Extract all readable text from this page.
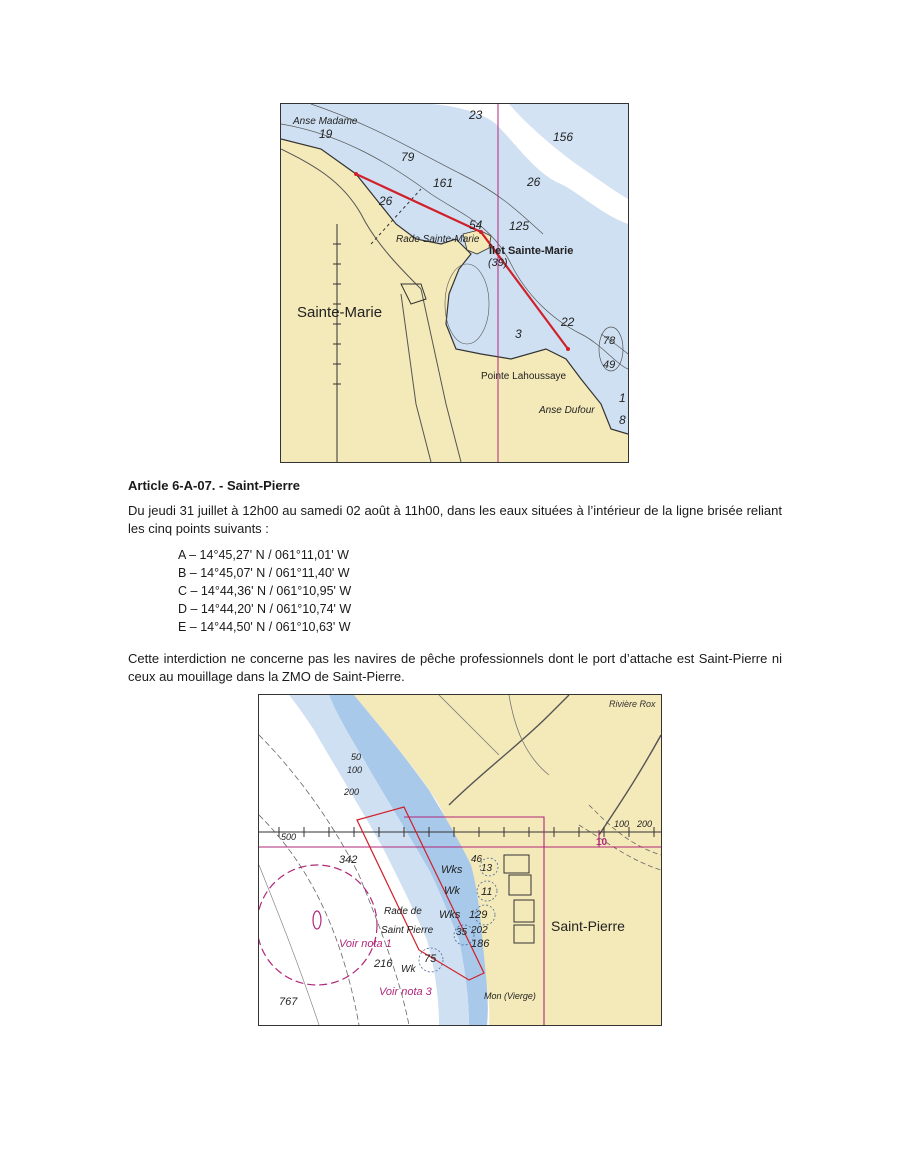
23
Anse Madame
19
79
156
26
161
26
54 125
Rade Sainte-Marie
(39)
3
22
78
49
Anse Dufour
1
8
Îlet Sainte-Marie
Sainte-Marie
Pointe Lahoussaye
Article 6-A-07. - Saint-Pierre
Du jeudi 31 juillet à 12h00 au samedi 02 août à 11h00, dans les eaux situées à l’intérieur de la ligne brisée reliant les cinq points suivants :
A – 14°45,27' N / 061°11,01' W
B – 14°45,07' N / 061°11,40' W
C – 14°44,36' N / 061°10,95' W
D – 14°44,20' N / 061°10,74' W
E – 14°44,50' N / 061°10,63' W
Cette interdiction ne concerne pas les navires de pêche professionnels dont le port d’attache est Saint-Pierre ni ceux au mouillage dans la ZMO de Saint-Pierre.
Rivière Rox
50
100
200
500
100 200
342
Wks
46
13
Wk 11
Rade de Wks 129
Saint Pierre 35 202
186
216 Wk
75
767	Mon (Vierge)
10
Voir nota 1
Voir nota 3
Saint-Pierre
